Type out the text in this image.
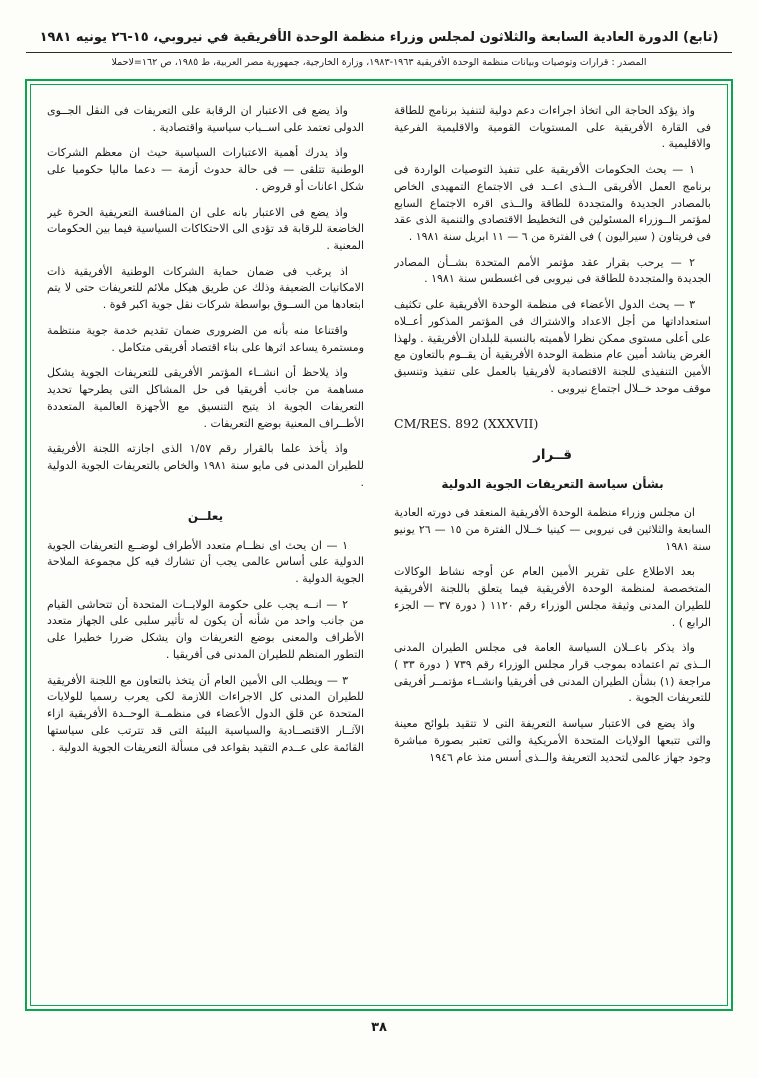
(تابع) الدورة العادية السابعة والثلاثون لمجلس وزراء منظمة الوحدة الأفريقية في نيروبي، ١٥-٢٦ يونيه ١٩٨١
المصدر : قرارات وتوصيات وبيانات منظمة الوحدة الأفريقية ١٩٦٣-١٩٨٣، وزارة الخارجية، جمهورية مصر العربية، ط ١٩٨٥، ص ١٦٢=لاحملا

واذ يؤكد الحاجة الى اتخاذ اجراءات دعم دولية لتنفيذ برنامج للطاقة فى القارة الأفريقية على المستويات القومية والاقليمية الفرعية والاقليمية .

١ — يحث الحكومات الأفريقية على تنفيذ التوصيات الواردة فى برنامج العمل الأفريقى الــذى اعــد فى الاجتماع التمهيدى الخاص بالمصادر الجديدة والمتجددة للطاقة والــذى اقره الاجتماع السابع لمؤتمر الــوزراء المسئولين فى التخطيط الاقتصادى والتنمية الذى عقد فى فريتاون ( سيراليون ) فى الفترة من ٦ — ١١ ابريل سنة ١٩٨١ .

٢ — يرحب بقرار عقد مؤتمر الأمم المتحدة بشــأن المصادر الجديدة والمتجددة للطاقة فى نيروبى فى اغسطس سنة ١٩٨١ .

٣ — يحث الدول الأعضاء فى منظمة الوحدة الأفريقية على تكثيف استعداداتها من أجل الاعداد والاشتراك فى المؤتمر المذكور أعــلاه على أعلى مستوى ممكن نظرا لأهميته بالنسبة للبلدان الأفريقية . ولهذا الغرض يناشد أمين عام منظمة الوحدة الأفريقية أن يقــوم بالتعاون مع الأمين التنفيذى للجنة الاقتصادية لأفريقيا بالعمل على تنفيذ وتنسيق موقف موحد خــلال اجتماع نيروبى .

CM/RES. 892 (XXXVII)
قــرار
بشأن سياسة التعريفات الجوية الدولية

ان مجلس وزراء منظمة الوحدة الأفريقية المنعقد فى دورته العادية السابعة والثلاثين فى نيروبى — كينيا خــلال الفترة من ١٥ — ٢٦ يونيو سنة ١٩٨١

بعد الاطلاع على تقرير الأمين العام عن أوجه نشاط الوكالات المتخصصة لمنظمة الوحدة الأفريقية فيما يتعلق باللجنة الأفريقية للطيران المدنى وثيقة مجلس الوزراء رقم ١١٢٠ ( دورة ٣٧ — الجزء الرابع ) .

واذ يذكر باعــلان السياسة العامة فى مجلس الطيران المدنى الــذى تم اعتماده بموجب قرار مجلس الوزراء رقم ٧٣٩ ( دورة ٣٣ ) مراجعة (١) بشأن الطيران المدنى فى أفريقيا وانشــاء مؤتمــر أفريقى للتعريفات الجوية .

واذ يضع فى الاعتبار سياسة التعريفة التى لا تتقيد بلوائح معينة والتى تتبعها الولايات المتحدة الأمريكية والتى تعتبر بصورة مباشرة وجود جهاز عالمى لتحديد التعريفة والــذى أسس منذ عام ١٩٤٦

واذ يضع فى الاعتبار ان الرقابة على التعريفات فى النقل الجــوى الدولى تعتمد على اســباب سياسية واقتصادية .

واذ يدرك أهمية الاعتبارات السياسية حيث ان معظم الشركات الوطنية تتلقى — فى حالة حدوث أزمة — دعما ماليا حكوميا على شكل اعانات أو قروض .

واذ يضع فى الاعتبار بانه على ان المنافسة التعريفية الحرة غير الخاضعة للرقابة قد تؤدى الى الاحتكاكات السياسية فيما بين الحكومات المعنية .

اذ يرغب فى ضمان حماية الشركات الوطنية الأفريقية ذات الامكانيات الضعيفة وذلك عن طريق هيكل ملائم للتعريفات حتى لا يتم ابتعادها من الســوق بواسطة شركات نقل جوية اكبر قوة .

واقتناعا منه بأنه من الضرورى ضمان تقديم خدمة جوية منتظمة ومستمرة يساعد اثرها على بناء اقتصاد أفريقى متكامل .

واذ يلاحظ أن انشــاء المؤتمر الأفريقى للتعريفات الجوية يشكل مساهمة من جانب أفريقيا فى حل المشاكل التى يطرحها تحديد التعريفات الجوية اذ يتيح التنسيق مع الأجهزة العالمية المتعددة الأطــراف المعنية بوضع التعريفات .

واذ يأخذ علما بالقرار رقم ١/٥٧ الذى اجازته اللجنة الأفريقية للطيران المدنى فى مايو سنة ١٩٨١ والخاص بالتعريفات الجوية الدولية .

يعلــن

١ — ان يحث اى نظــام متعدد الأطراف لوضــع التعريفات الجوية الدولية على أساس عالمى يجب أن تشارك فيه كل مجموعة الملاحة الجوية الدولية .

٢ — انــه يجب على حكومة الولايــات المتحدة أن تتحاشى القيام من جانب واحد من شأنه أن يكون له تأثير سلبى على الجهاز متعدد الأطراف والمعنى بوضع التعريفات وان يشكل ضررا خطيرا على التطور المنظم للطيران المدنى فى أفريقيا .

٣ — ويطلب الى الأمين العام أن يتخذ بالتعاون مع اللجنة الأفريقية للطيران المدنى كل الاجراءات اللازمة لكى يعرب رسميا للولايات المتحدة عن قلق الدول الأعضاء فى منظمــة الوحــدة الأفريقية ازاء الآثــار الاقتصــادية والسياسية البيئة التى قد تترتب على سياستها القائمة على عــدم التقيد بقواعد فى مسألة التعريفات الجوية الدولية .

٣٨
